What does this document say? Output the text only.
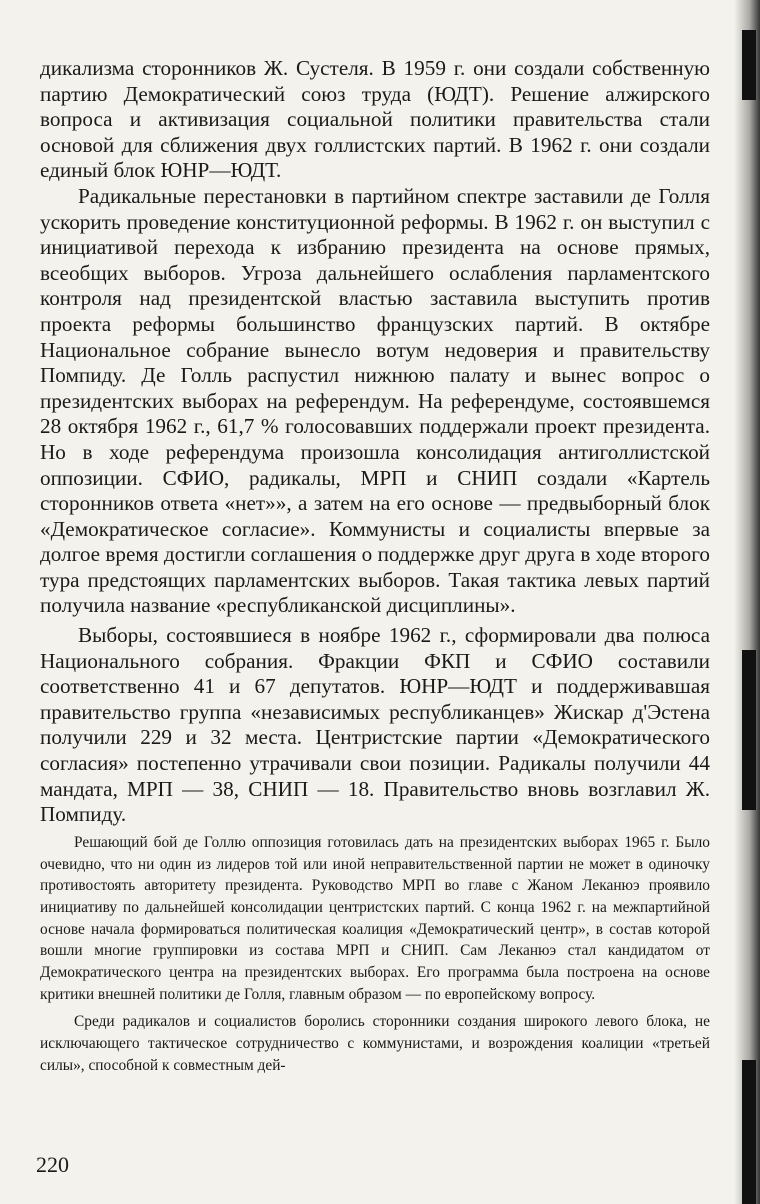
дикализма сторонников Ж. Сустеля. В 1959 г. они создали собственную партию Демократический союз труда (ЮДТ). Решение алжирского вопроса и активизация социальной политики правительства стали основой для сближения двух голлистских партий. В 1962 г. они создали единый блок ЮНР—ЮДТ.

Радикальные перестановки в партийном спектре заставили де Голля ускорить проведение конституционной реформы. В 1962 г. он выступил с инициативой перехода к избранию президента на основе прямых, всеобщих выборов. Угроза дальнейшего ослабления парламентского контроля над президентской властью заставила выступить против проекта реформы большинство французских партий. В октябре Национальное собрание вынесло вотум недоверия и правительству Помпиду. Де Голль распустил нижнюю палату и вынес вопрос о президентских выборах на референдум. На референдуме, состоявшемся 28 октября 1962 г., 61,7 % голосовавших поддержали проект президента. Но в ходе референдума произошла консолидация антиголлистской оппозиции. СФИО, радикалы, МРП и СНИП создали «Картель сторонников ответа «нет»», а затем на его основе — предвыборный блок «Демократическое согласие». Коммунисты и социалисты впервые за долгое время достигли соглашения о поддержке друг друга в ходе второго тура предстоящих парламентских выборов. Такая тактика левых партий получила название «республиканской дисциплины».

Выборы, состоявшиеся в ноябре 1962 г., сформировали два полюса Национального собрания. Фракции ФКП и СФИО составили соответственно 41 и 67 депутатов. ЮНР—ЮДТ и поддерживавшая правительство группа «независимых республиканцев» Жискар д'Эстена получили 229 и 32 места. Центристские партии «Демократического согласия» постепенно утрачивали свои позиции. Радикалы получили 44 мандата, МРП — 38, СНИП — 18. Правительство вновь возглавил Ж. Помпиду.

Решающий бой де Голлю оппозиция готовилась дать на президентских выборах 1965 г. Было очевидно, что ни один из лидеров той или иной неправительственной партии не может в одиночку противостоять авторитету президента. Руководство МРП во главе с Жаном Леканюэ проявило инициативу по дальнейшей консолидации центристских партий. С конца 1962 г. на межпартийной основе начала формироваться политическая коалиция «Демократический центр», в состав которой вошли многие группировки из состава МРП и СНИП. Сам Леканюэ стал кандидатом от Демократического центра на президентских выборах. Его программа была построена на основе критики внешней политики де Голля, главным образом — по европейскому вопросу.

Среди радикалов и социалистов боролись сторонники создания широкого левого блока, не исключающего тактическое сотрудничество с коммунистами, и возрождения коалиции «третьей силы», способной к совместным дей-

220
